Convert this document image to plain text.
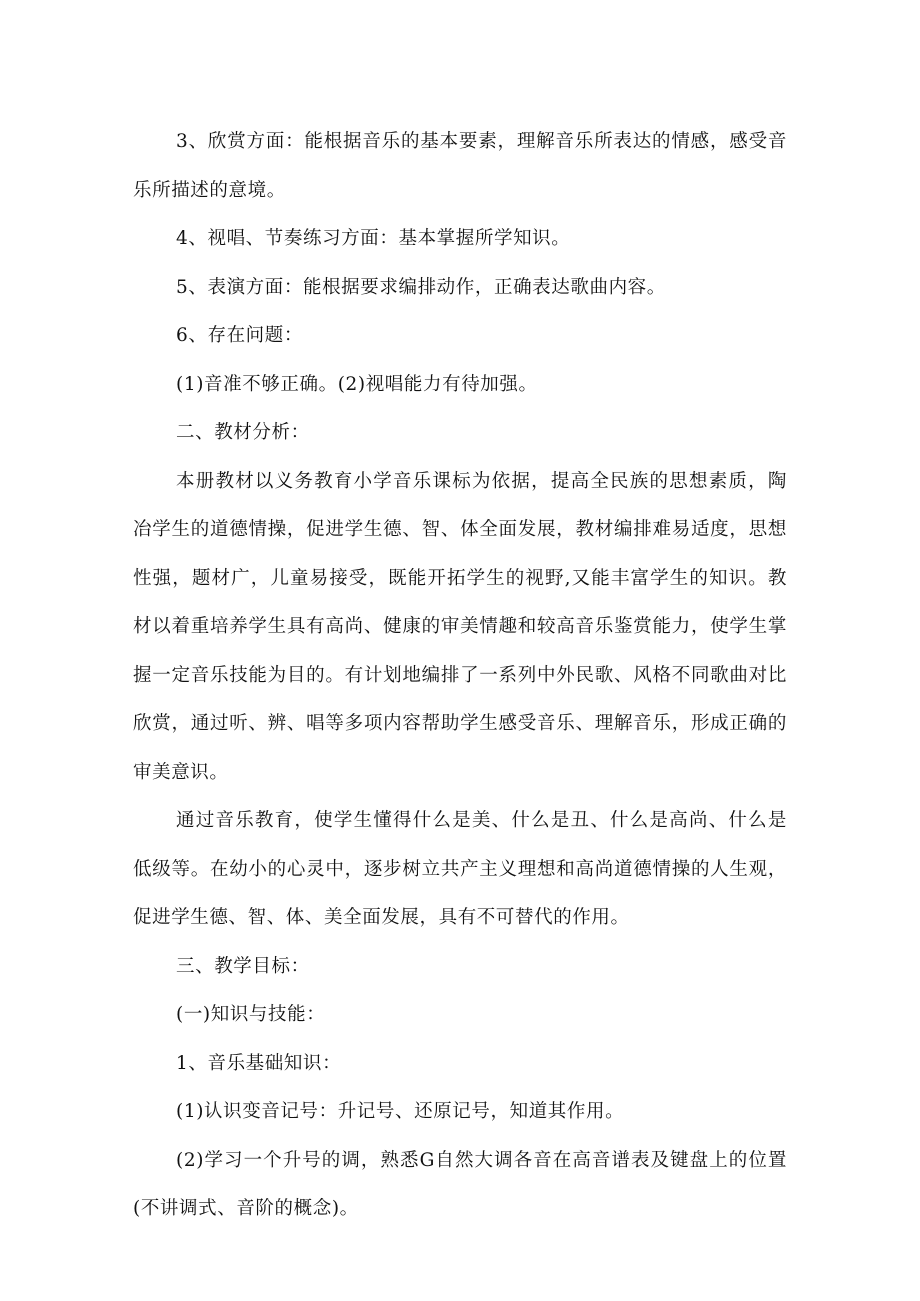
3、欣赏方面：能根据音乐的基本要素，理解音乐所表达的情感，感受音乐所描述的意境。

4、视唱、节奏练习方面：基本掌握所学知识。

5、表演方面：能根据要求编排动作，正确表达歌曲内容。

6、存在问题：

(1)音准不够正确。(2)视唱能力有待加强。

二、教材分析：

本册教材以义务教育小学音乐课标为依据，提高全民族的思想素质，陶冶学生的道德情操，促进学生德、智、体全面发展，教材编排难易适度，思想性强，题材广，儿童易接受，既能开拓学生的视野,又能丰富学生的知识。教材以着重培养学生具有高尚、健康的审美情趣和较高音乐鉴赏能力，使学生掌握一定音乐技能为目的。有计划地编排了一系列中外民歌、风格不同歌曲对比欣赏，通过听、辨、唱等多项内容帮助学生感受音乐、理解音乐，形成正确的审美意识。

通过音乐教育，使学生懂得什么是美、什么是丑、什么是高尚、什么是低级等。在幼小的心灵中，逐步树立共产主义理想和高尚道德情操的人生观，促进学生德、智、体、美全面发展，具有不可替代的作用。

三、教学目标：

(一)知识与技能：

1、音乐基础知识：

(1)认识变音记号：升记号、还原记号，知道其作用。

(2)学习一个升号的调，熟悉G自然大调各音在高音谱表及键盘上的位置(不讲调式、音阶的概念)。
